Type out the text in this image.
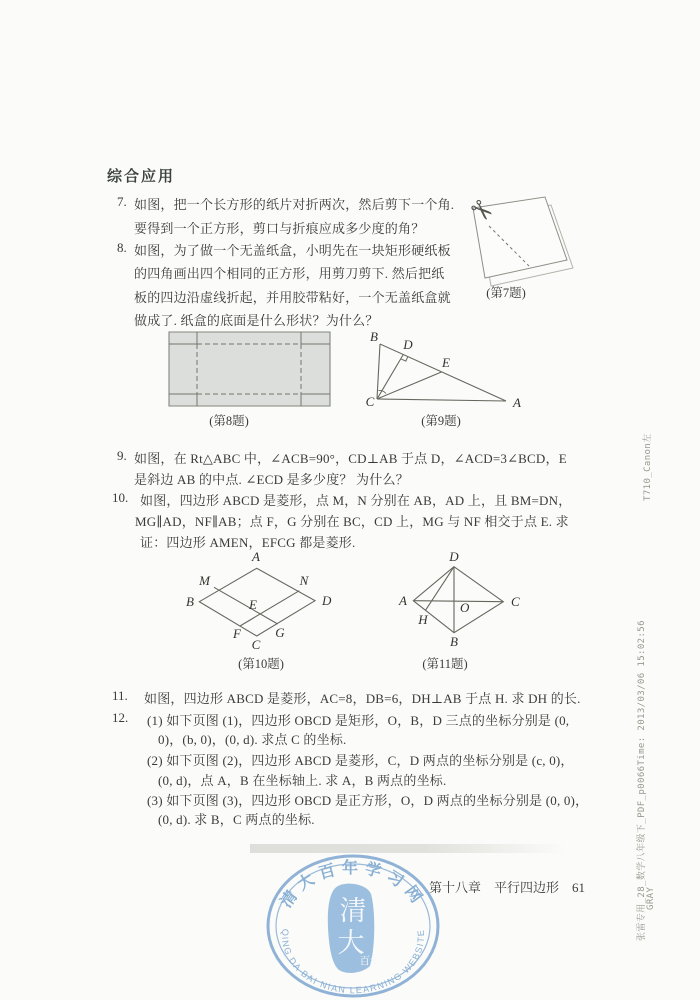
综合应用
7. 如图，把一个长方形的纸片对折两次，然后剪下一个角.
要得到一个正方形，剪口与折痕应成多少度的角？
8. 如图，为了做一个无盖纸盒，小明先在一块矩形硬纸板
的四角画出四个相同的正方形，用剪刀剪下. 然后把纸
板的四边沿虚线折起，并用胶带粘好，一个无盖纸盒就
做成了. 纸盒的底面是什么形状？为什么？
✂
(第7题)
(第8题)
B
D
E
C	A
(第9题)
9. 如图，在 Rt△ABC 中，∠ACB=90°，CD⊥AB 于点 D，∠ACD=3∠BCD，E
是斜边 AB 的中点. ∠ECD 是多少度？ 为什么？
10. 如图，四边形 ABCD 是菱形，点 M，N 分别在 AB，AD 上，且 BM=DN，
MG∥AD，NF∥AB；点 F，G 分别在 BC，CD 上，MG 与 NF 相交于点 E. 求
证：四边形 AMEN，EFCG 都是菱形.
A
M
B
N
D
E
F	G
C
(第10题)
D
A	C
O
H
B
(第11题)
11. 如图，四边形 ABCD 是菱形，AC=8，DB=6，DH⊥AB 于点 H. 求 DH 的长.
12. (1) 如下页图 (1)，四边形 OBCD 是矩形，O，B，D 三点的坐标分别是 (0,
0)，(b, 0)，(0, d). 求点 C 的坐标.
(2) 如下页图 (2)，四边形 ABCD 是菱形，C，D 两点的坐标分别是 (c, 0)，
(0, d)，点 A，B 在坐标轴上. 求 A，B 两点的坐标.
(3) 如下页图 (3)，四边形 OBCD 是正方形，O，D 两点的坐标分别是 (0, 0)，
(0, d). 求 B，C 两点的坐标.
清
大
百年
清大百年学习网
QING DA BAI NIAN LEARNING WEBSITE
第十八章 平行四边形 61
T710_Canon左
张雷专用_28_数学八年级下_PDF_p0066Time: 2013/03/06 15:02:56 GRAY
